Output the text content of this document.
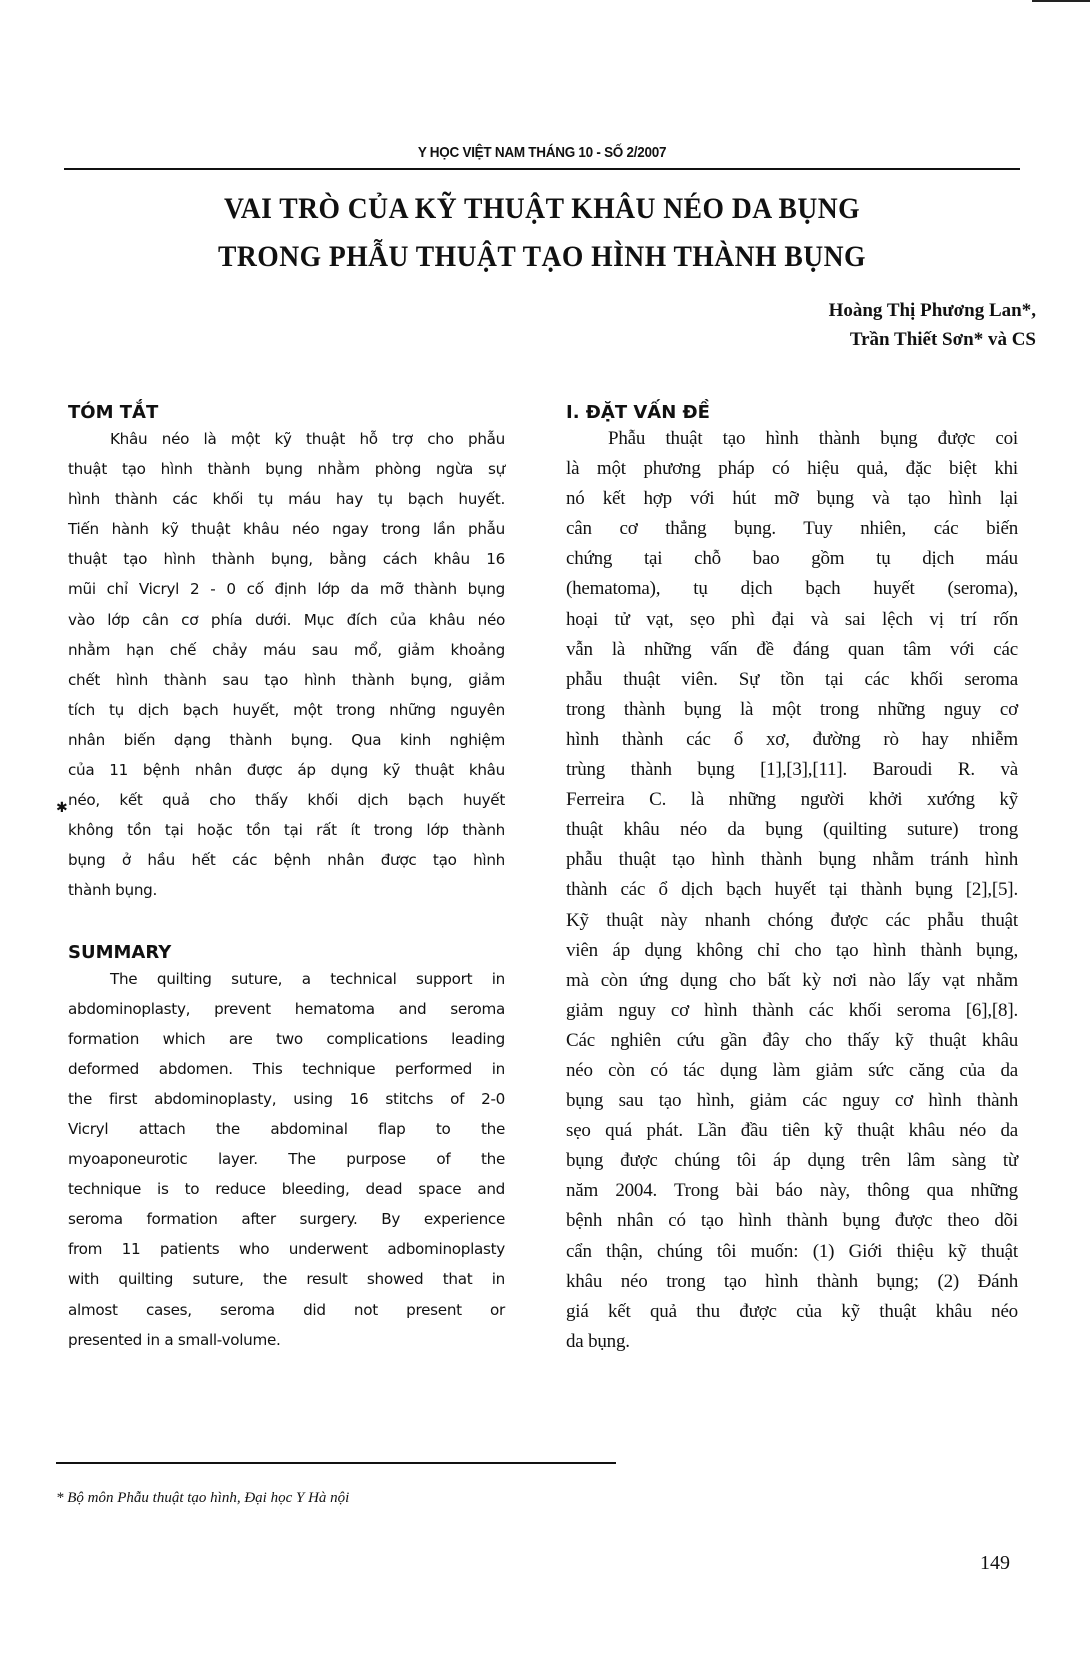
Y HỌC VIỆT NAM THÁNG 10 - SỐ 2/2007
VAI TRÒ CỦA KỸ THUẬT KHÂU NÉO DA BỤNG
TRONG PHẪU THUẬT TẠO HÌNH THÀNH BỤNG
Hoàng Thị Phương Lan*,
Trần Thiết Sơn* và CS
TÓM TẮT
Khâu néo là một kỹ thuật hỗ trợ cho phẫu
thuật tạo hình thành bụng nhằm phòng ngừa sự
hình thành các khối tụ máu hay tụ bạch huyết.
Tiến hành kỹ thuật khâu néo ngay trong lần phẫu
thuật tạo hình thành bụng, bằng cách khâu 16
mũi chỉ Vicryl 2 - 0 cố định lớp da mỡ thành bụng
vào lớp cân cơ phía dưới. Mục đích của khâu néo
nhằm hạn chế chảy máu sau mổ, giảm khoảng
chết hình thành sau tạo hình thành bụng, giảm
tích tụ dịch bạch huyết, một trong những nguyên
nhân biến dạng thành bụng. Qua kinh nghiệm
của 11 bệnh nhân được áp dụng kỹ thuật khâu
néo, kết quả cho thấy khối dịch bạch huyết
không tồn tại hoặc tồn tại rất ít trong lớp thành
bụng ở hầu hết các bệnh nhân được tạo hình
thành bụng.
SUMMARY
The quilting suture, a technical support in
abdominoplasty, prevent hematoma and seroma
formation which are two complications leading
deformed abdomen. This technique performed in
the first abdominoplasty, using 16 stitchs of 2-0
Vicryl attach the abdominal flap to the
myoaponeurotic layer. The purpose of the
technique is to reduce bleeding, dead space and
seroma formation after surgery. By experience
from 11 patients who underwent adbominoplasty
with quilting suture, the result showed that in
almost cases, seroma did not present or
presented in a small-volume.
✱
I. ĐẶT VẤN ĐỀ
Phẫu thuật tạo hình thành bụng được coi
là một phương pháp có hiệu quả, đặc biệt khi
nó kết hợp với hút mỡ bụng và tạo hình lại
cân cơ thẳng bụng. Tuy nhiên, các biến
chứng tại chỗ bao gồm tụ dịch máu
(hematoma), tụ dịch bạch huyết (seroma),
hoại tử vạt, sẹo phì đại và sai lệch vị trí rốn
vẫn là những vấn đề đáng quan tâm với các
phẫu thuật viên. Sự tồn tại các khối seroma
trong thành bụng là một trong những nguy cơ
hình thành các ổ xơ, đường rò hay nhiễm
trùng thành bụng [1],[3],[11]. Baroudi R. và
Ferreira C. là những người khởi xướng kỹ
thuật khâu néo da bụng (quilting suture) trong
phẫu thuật tạo hình thành bụng nhằm tránh hình
thành các ổ dịch bạch huyết tại thành bụng [2],[5].
Kỹ thuật này nhanh chóng được các phẫu thuật
viên áp dụng không chỉ cho tạo hình thành bụng,
mà còn ứng dụng cho bất kỳ nơi nào lấy vạt nhằm
giảm nguy cơ hình thành các khối seroma [6],[8].
Các nghiên cứu gần đây cho thấy kỹ thuật khâu
néo còn có tác dụng làm giảm sức căng của da
bụng sau tạo hình, giảm các nguy cơ hình thành
sẹo quá phát. Lần đầu tiên kỹ thuật khâu néo da
bụng được chúng tôi áp dụng trên lâm sàng từ
năm 2004. Trong bài báo này, thông qua những
bệnh nhân có tạo hình thành bụng được theo dõi
cẩn thận, chúng tôi muốn: (1) Giới thiệu kỹ thuật
khâu néo trong tạo hình thành bụng; (2) Đánh
giá kết quả thu được của kỹ thuật khâu néo
da bụng.
* Bộ môn Phẫu thuật tạo hình, Đại học Y Hà nội
149
